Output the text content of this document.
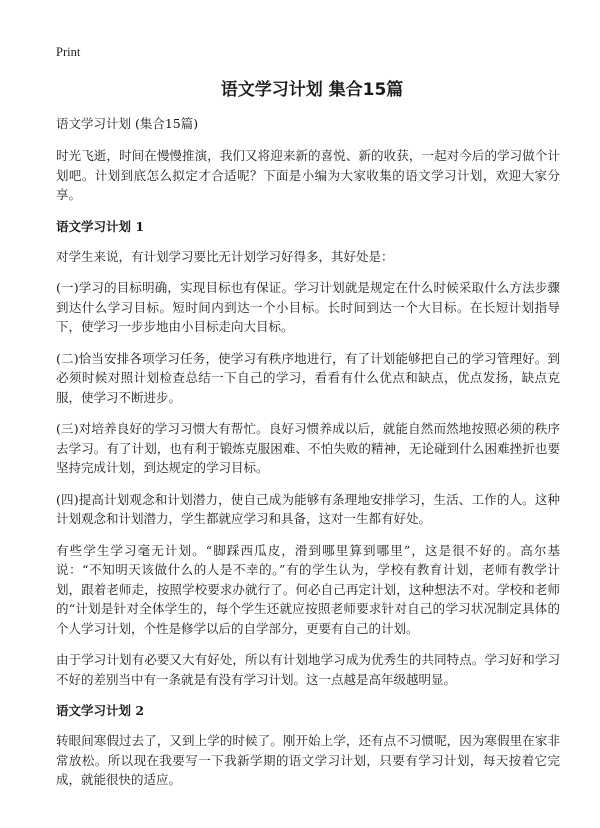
Print
语文学习计划 集合15篇
语文学习计划 (集合15篇)

时光飞逝，时间在慢慢推演，我们又将迎来新的喜悦、新的收获，一起对今后的学习做个计划吧。计划到底怎么拟定才合适呢？下面是小编为大家收集的语文学习计划，欢迎大家分享。

语文学习计划 1

对学生来说，有计划学习要比无计划学习好得多，其好处是：

(一)学习的目标明确，实现目标也有保证。学习计划就是规定在什么时候采取什么方法步骤到达什么学习目标。短时间内到达一个小目标。长时间到达一个大目标。在长短计划指导下，使学习一步步地由小目标走向大目标。

(二)恰当安排各项学习任务，使学习有秩序地进行，有了计划能够把自己的学习管理好。到必须时候对照计划检查总结一下自己的学习，看看有什么优点和缺点，优点发扬，缺点克服，使学习不断进步。

(三)对培养良好的学习习惯大有帮忙。良好习惯养成以后，就能自然而然地按照必须的秩序去学习。有了计划，也有利于锻炼克服困难、不怕失败的精神，无论碰到什么困难挫折也要坚持完成计划，到达规定的学习目标。

(四)提高计划观念和计划潜力，使自己成为能够有条理地安排学习，生活、工作的人。这种计划观念和计划潜力，学生都就应学习和具备，这对一生都有好处。

有些学生学习毫无计划。“脚踩西瓜皮，滑到哪里算到哪里”，这是很不好的。高尔基说：“不知明天该做什么的人是不幸的。”有的学生认为，学校有教育计划，老师有教学计划，跟着老师走，按照学校要求办就行了。何必自己再定计划，这种想法不对。学校和老师的“计划是针对全体学生的，每个学生还就应按照老师要求针对自己的学习状况制定具体的个人学习计划，个性是修学以后的自学部分，更要有自己的计划。

由于学习计划有必要又大有好处，所以有计划地学习成为优秀生的共同特点。学习好和学习不好的差别当中有一条就是有没有学习计划。这一点越是高年级越明显。

语文学习计划 2

转眼间寒假过去了，又到上学的时候了。刚开始上学，还有点不习惯呢，因为寒假里在家非常放松。所以现在我要写一下我新学期的语文学习计划，只要有学习计划，每天按着它完成，就能很快的适应。
